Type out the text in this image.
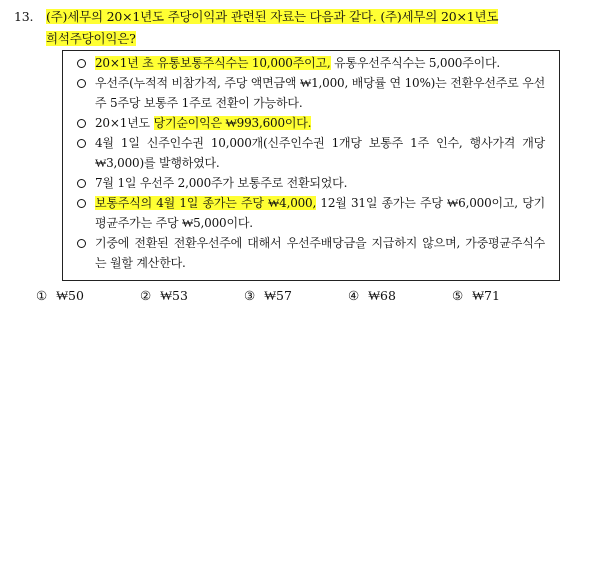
13. (주)세무의 20×1년도 주당이익과 관련된 자료는 다음과 같다. (주)세무의 20×1년도
희석주당이익은?
20×1년 초 유통보통주식수는 10,000주이고, 유통우선주식수는 5,000주이다.
우선주(누적적 비참가적, 주당 액면금액 ₩1,000, 배당률 연 10%)는 전환우선주로 우선주 5주당 보통주 1주로 전환이 가능하다.
20×1년도 당기순이익은 ₩993,600이다.
4월 1일 신주인수권 10,000개(신주인수권 1개당 보통주 1주 인수, 행사가격 개당 ₩3,000)를 발행하였다.
7월 1일 우선주 2,000주가 보통주로 전환되었다.
보통주식의 4월 1일 종가는 주당 ₩4,000, 12월 31일 종가는 주당 ₩6,000이고, 당기 평균주가는 주당 ₩5,000이다.
기중에 전환된 전환우선주에 대해서 우선주배당금을 지급하지 않으며, 가중평균주식수는 월할 계산한다.
① ₩50	② ₩53	③ ₩57	④ ₩68	⑤ ₩71
